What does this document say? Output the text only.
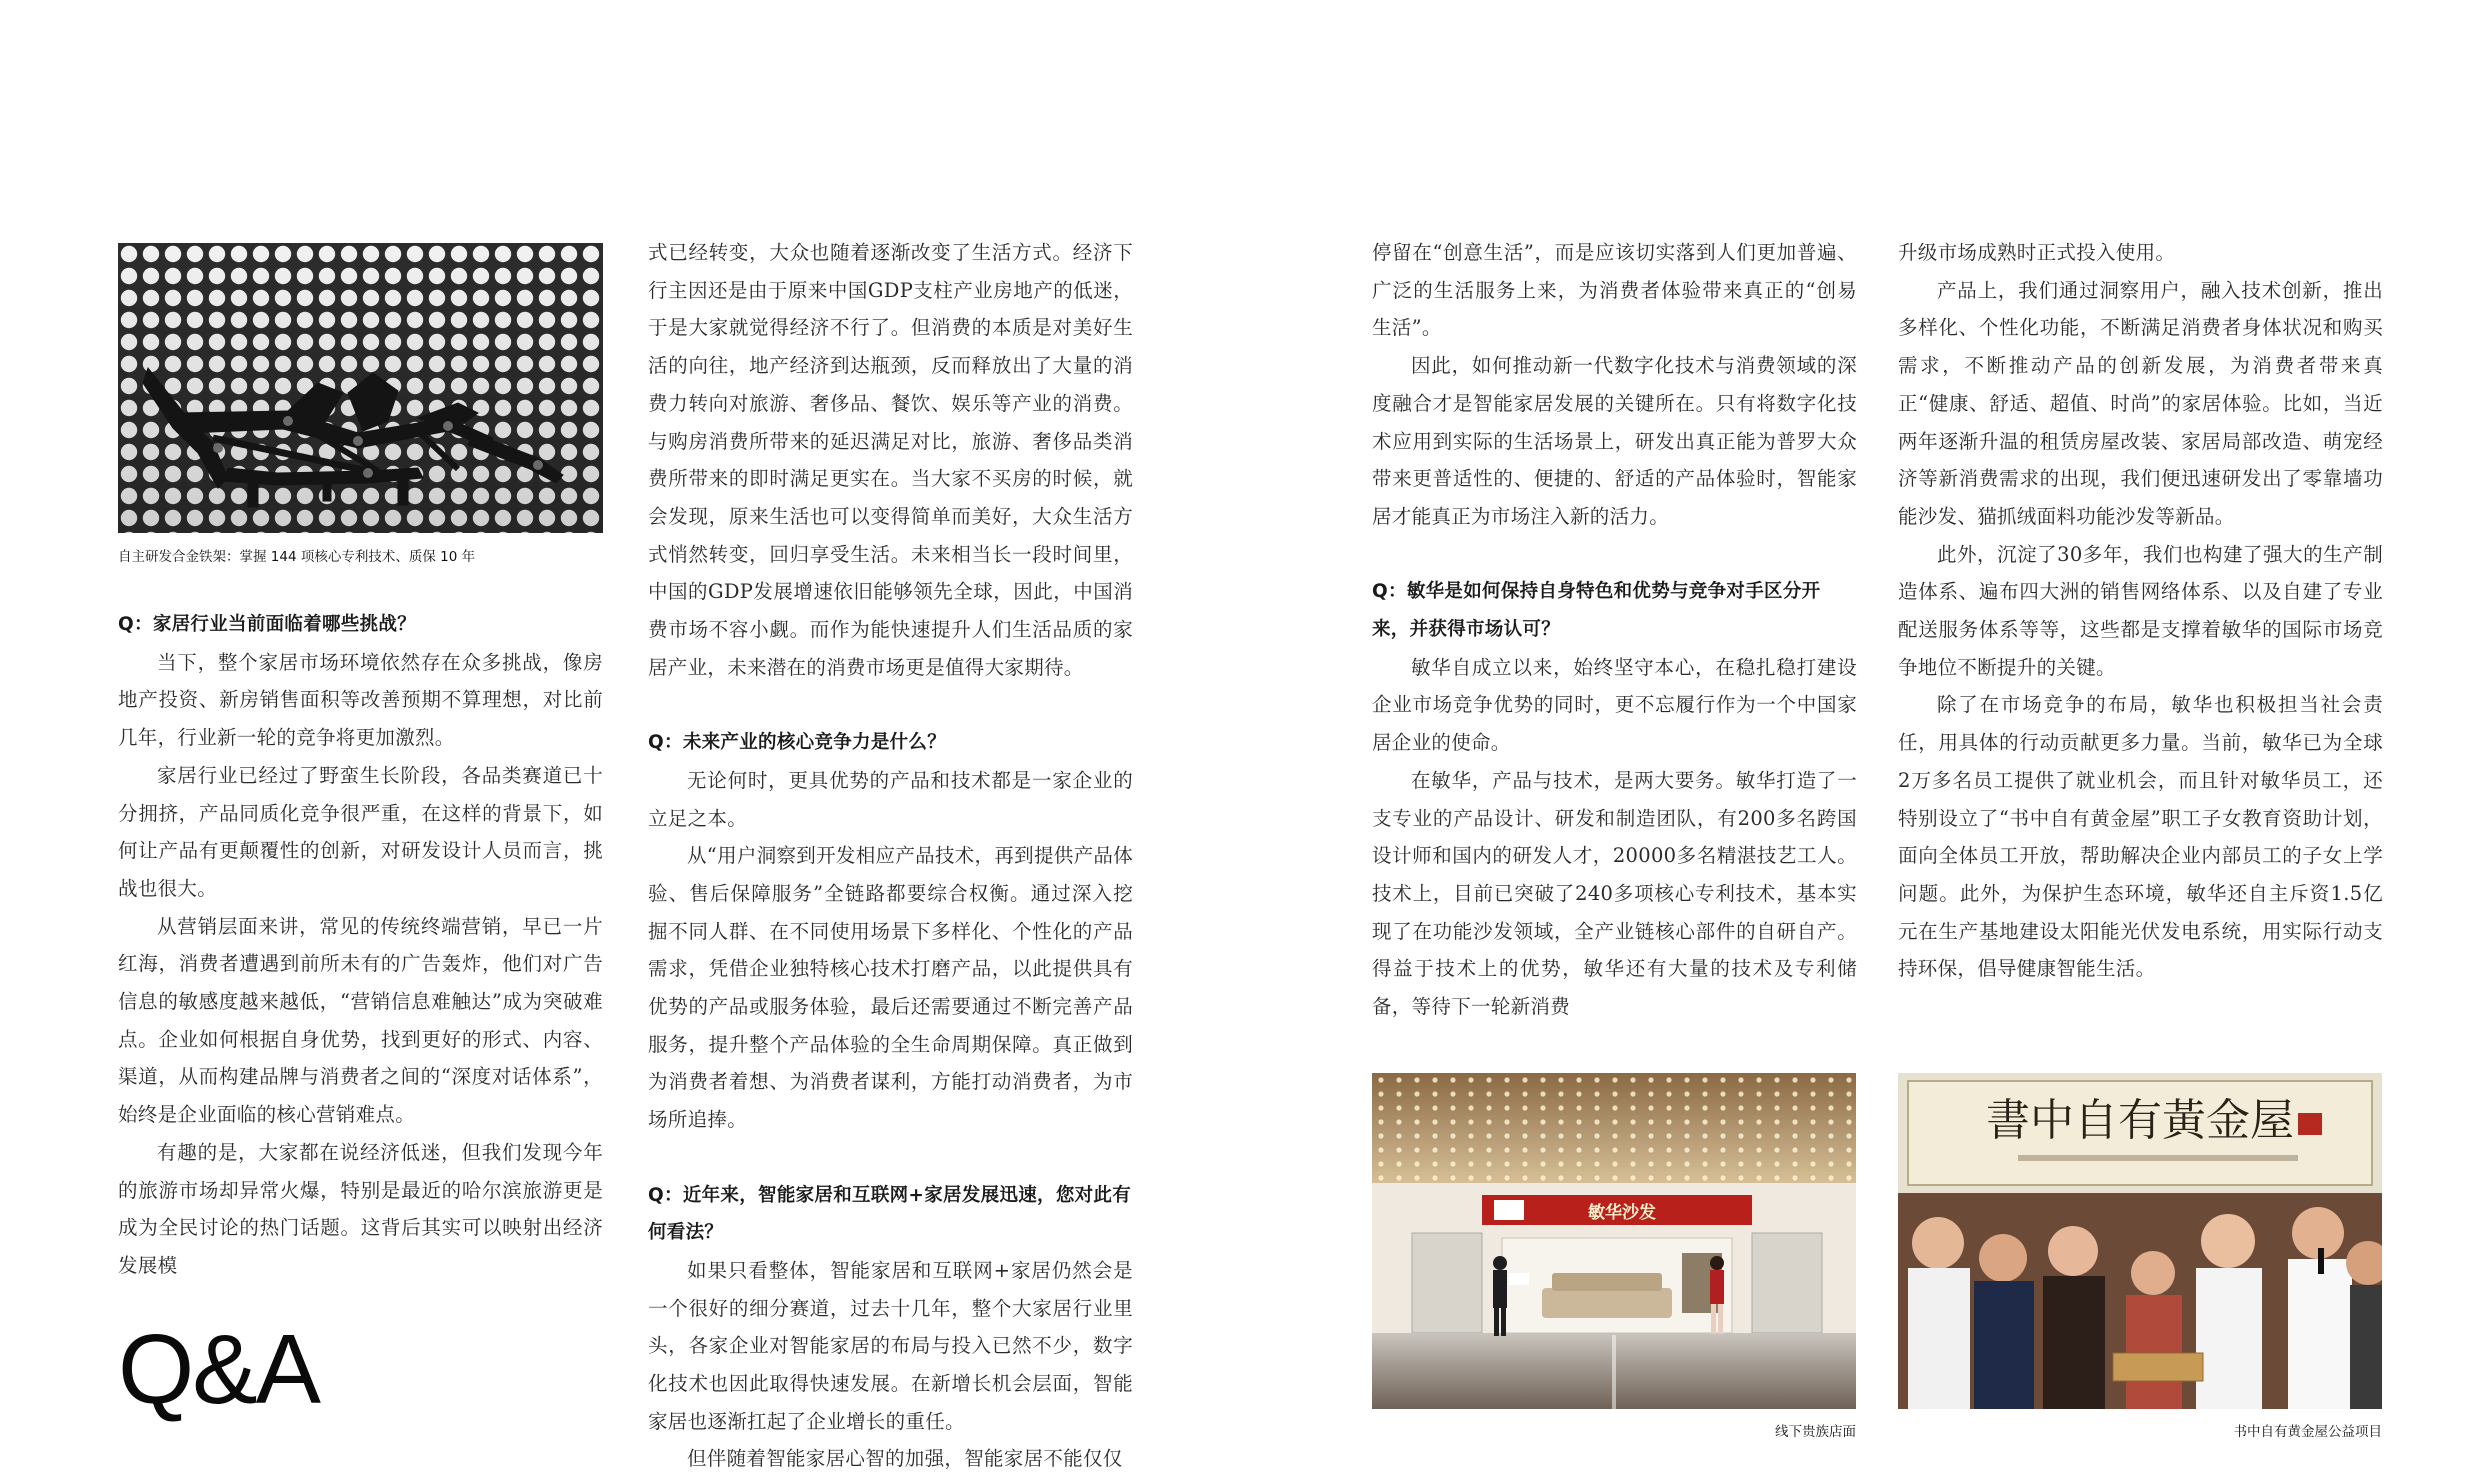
自主研发合金铁架：掌握 144 项核心专利技术、质保 10 年
Q：家居行业当前面临着哪些挑战？

当下，整个家居市场环境依然存在众多挑战，像房地产投资、新房销售面积等改善预期不算理想，对比前几年，行业新一轮的竞争将更加激烈。

家居行业已经过了野蛮生长阶段，各品类赛道已十分拥挤，产品同质化竞争很严重，在这样的背景下，如何让产品有更颠覆性的创新，对研发设计人员而言，挑战也很大。

从营销层面来讲，常见的传统终端营销，早已一片红海，消费者遭遇到前所未有的广告轰炸，他们对广告信息的敏感度越来越低，“营销信息难触达”成为突破难点。企业如何根据自身优势，找到更好的形式、内容、渠道，从而构建品牌与消费者之间的“深度对话体系”，始终是企业面临的核心营销难点。

有趣的是，大家都在说经济低迷，但我们发现今年的旅游市场却异常火爆，特别是最近的哈尔滨旅游更是成为全民讨论的热门话题。这背后其实可以映射出经济发展模

Q&A

式已经转变，大众也随着逐渐改变了生活方式。经济下行主因还是由于原来中国GDP支柱产业房地产的低迷，于是大家就觉得经济不行了。但消费的本质是对美好生活的向往，地产经济到达瓶颈，反而释放出了大量的消费力转向对旅游、奢侈品、餐饮、娱乐等产业的消费。与购房消费所带来的延迟满足对比，旅游、奢侈品类消费所带来的即时满足更实在。当大家不买房的时候，就会发现，原来生活也可以变得简单而美好，大众生活方式悄然转变，回归享受生活。未来相当长一段时间里，中国的GDP发展增速依旧能够领先全球，因此，中国消费市场不容小觑。而作为能快速提升人们生活品质的家居产业，未来潜在的消费市场更是值得大家期待。

Q：未来产业的核心竞争力是什么？

无论何时，更具优势的产品和技术都是一家企业的立足之本。

从“用户洞察到开发相应产品技术，再到提供产品体验、售后保障服务”全链路都要综合权衡。通过深入挖掘不同人群、在不同使用场景下多样化、个性化的产品需求，凭借企业独特核心技术打磨产品，以此提供具有优势的产品或服务体验，最后还需要通过不断完善产品服务，提升整个产品体验的全生命周期保障。真正做到为消费者着想、为消费者谋利，方能打动消费者，为市场所追捧。

Q：近年来，智能家居和互联网+家居发展迅速，您对此有何看法？

如果只看整体，智能家居和互联网+家居仍然会是一个很好的细分赛道，过去十几年，整个大家居行业里头，各家企业对智能家居的布局与投入已然不少，数字化技术也因此取得快速发展。在新增长机会层面，智能家居也逐渐扛起了企业增长的重任。

但伴随着智能家居心智的加强，智能家居不能仅仅

停留在“创意生活”，而是应该切实落到人们更加普遍、广泛的生活服务上来，为消费者体验带来真正的“创易生活”。

因此，如何推动新一代数字化技术与消费领域的深度融合才是智能家居发展的关键所在。只有将数字化技术应用到实际的生活场景上，研发出真正能为普罗大众带来更普适性的、便捷的、舒适的产品体验时，智能家居才能真正为市场注入新的活力。

Q：敏华是如何保持自身特色和优势与竞争对手区分开来，并获得市场认可？

敏华自成立以来，始终坚守本心，在稳扎稳打建设企业市场竞争优势的同时，更不忘履行作为一个中国家居企业的使命。

在敏华，产品与技术，是两大要务。敏华打造了一支专业的产品设计、研发和制造团队，有200多名跨国设计师和国内的研发人才，20000多名精湛技艺工人。技术上，目前已突破了240多项核心专利技术，基本实现了在功能沙发领域，全产业链核心部件的自研自产。得益于技术上的优势，敏华还有大量的技术及专利储备，等待下一轮新消费

敏华沙发
线下贵族店面

升级市场成熟时正式投入使用。

产品上，我们通过洞察用户，融入技术创新，推出多样化、个性化功能，不断满足消费者身体状况和购买需求，不断推动产品的创新发展，为消费者带来真正“健康、舒适、超值、时尚”的家居体验。比如，当近两年逐渐升温的租赁房屋改装、家居局部改造、萌宠经济等新消费需求的出现，我们便迅速研发出了零靠墙功能沙发、猫抓绒面料功能沙发等新品。

此外，沉淀了30多年，我们也构建了强大的生产制造体系、遍布四大洲的销售网络体系、以及自建了专业配送服务体系等等，这些都是支撑着敏华的国际市场竞争地位不断提升的关键。

除了在市场竞争的布局，敏华也积极担当社会责任，用具体的行动贡献更多力量。当前，敏华已为全球2万多名员工提供了就业机会，而且针对敏华员工，还特别设立了“书中自有黄金屋”职工子女教育资助计划，面向全体员工开放，帮助解决企业内部员工的子女上学问题。此外，为保护生态环境，敏华还自主斥资1.5亿元在生产基地建设太阳能光伏发电系统，用实际行动支持环保，倡导健康智能生活。

書中自有黃金屋
书中自有黄金屋公益项目
